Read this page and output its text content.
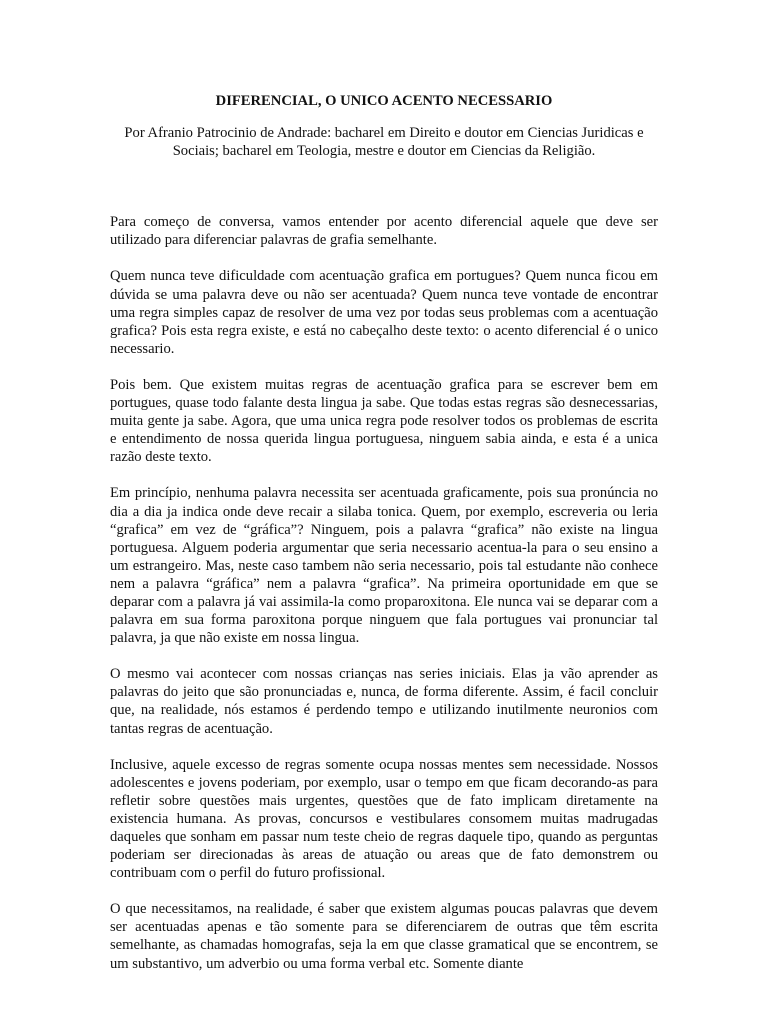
DIFERENCIAL, O UNICO ACENTO NECESSARIO
Por Afranio Patrocinio de Andrade: bacharel em Direito e doutor em Ciencias Juridicas e Sociais; bacharel em Teologia, mestre e doutor em Ciencias da Religião.

Para começo de conversa, vamos entender por acento diferencial aquele que deve ser utilizado para diferenciar palavras de grafia semelhante.

Quem nunca teve dificuldade com acentuação grafica em portugues? Quem nunca ficou em dúvida se uma palavra deve ou não ser acentuada? Quem nunca teve vontade de encontrar uma regra simples capaz de resolver de uma vez por todas seus problemas com a acentuação grafica? Pois esta regra existe, e está no cabeçalho deste texto: o acento diferencial é o unico necessario.

Pois bem. Que existem muitas regras de acentuação grafica para se escrever bem em portugues, quase todo falante desta lingua ja sabe. Que todas estas regras são desnecessarias, muita gente ja sabe. Agora, que uma unica regra pode resolver todos os problemas de escrita e entendimento de nossa querida lingua portuguesa, ninguem sabia ainda, e esta é a unica razão deste texto.

Em princípio, nenhuma palavra necessita ser acentuada graficamente, pois sua pronúncia no dia a dia ja indica onde deve recair a silaba tonica. Quem, por exemplo, escreveria ou leria “grafica” em vez de “gráfica”? Ninguem, pois a palavra “grafica” não existe na lingua portuguesa. Alguem poderia argumentar que seria necessario acentua-la para o seu ensino a um estrangeiro. Mas, neste caso tambem não seria necessario, pois tal estudante não conhece nem a palavra “gráfica” nem a palavra “grafica”. Na primeira oportunidade em que se deparar com a palavra já vai assimila-la como proparoxitona. Ele nunca vai se deparar com a palavra em sua forma paroxitona porque ninguem que fala portugues vai pronunciar tal palavra, ja que não existe em nossa lingua.

O mesmo vai acontecer com nossas crianças nas series iniciais. Elas ja vão aprender as palavras do jeito que são pronunciadas e, nunca, de forma diferente. Assim, é facil concluir que, na realidade, nós estamos é perdendo tempo e utilizando inutilmente neuronios com tantas regras de acentuação.

Inclusive, aquele excesso de regras somente ocupa nossas mentes sem necessidade. Nossos adolescentes e jovens poderiam, por exemplo, usar o tempo em que ficam decorando-as para refletir sobre questões mais urgentes, questões que de fato implicam diretamente na existencia humana. As provas, concursos e vestibulares consomem muitas madrugadas daqueles que sonham em passar num teste cheio de regras daquele tipo, quando as perguntas poderiam ser direcionadas às areas de atuação ou areas que de fato demonstrem ou contribuam com o perfil do futuro profissional.

O que necessitamos, na realidade, é saber que existem algumas poucas palavras que devem ser acentuadas apenas e tão somente para se diferenciarem de outras que têm escrita semelhante, as chamadas homografas, seja la em que classe gramatical que se encontrem, se um substantivo, um adverbio ou uma forma verbal etc. Somente diante
